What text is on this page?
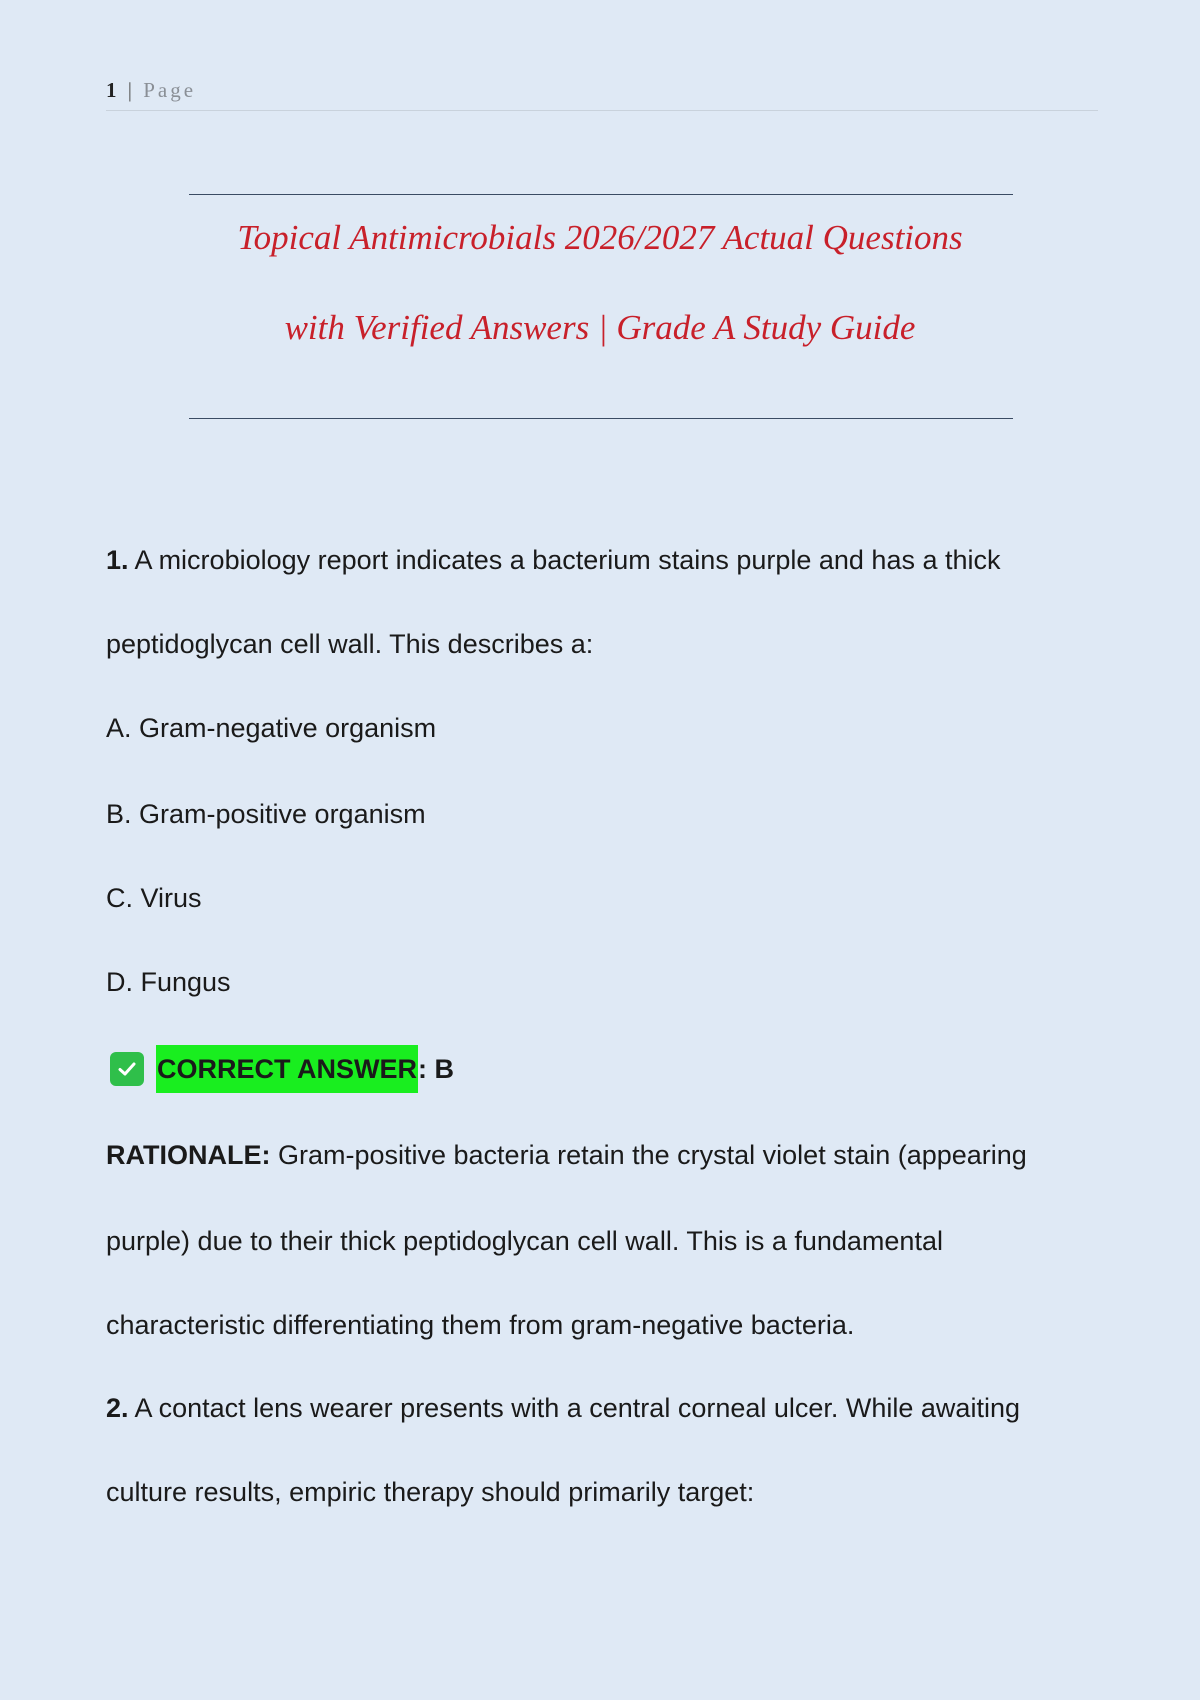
1 | Page
Topical Antimicrobials 2026/2027 Actual Questions
with Verified Answers | Grade A Study Guide
1. A microbiology report indicates a bacterium stains purple and has a thick
peptidoglycan cell wall. This describes a:
A. Gram-negative organism
B. Gram-positive organism
C. Virus
D. Fungus
CORRECT ANSWER : B
RATIONALE: Gram-positive bacteria retain the crystal violet stain (appearing
purple) due to their thick peptidoglycan cell wall. This is a fundamental
characteristic differentiating them from gram-negative bacteria.
2. A contact lens wearer presents with a central corneal ulcer. While awaiting
culture results, empiric therapy should primarily target:
